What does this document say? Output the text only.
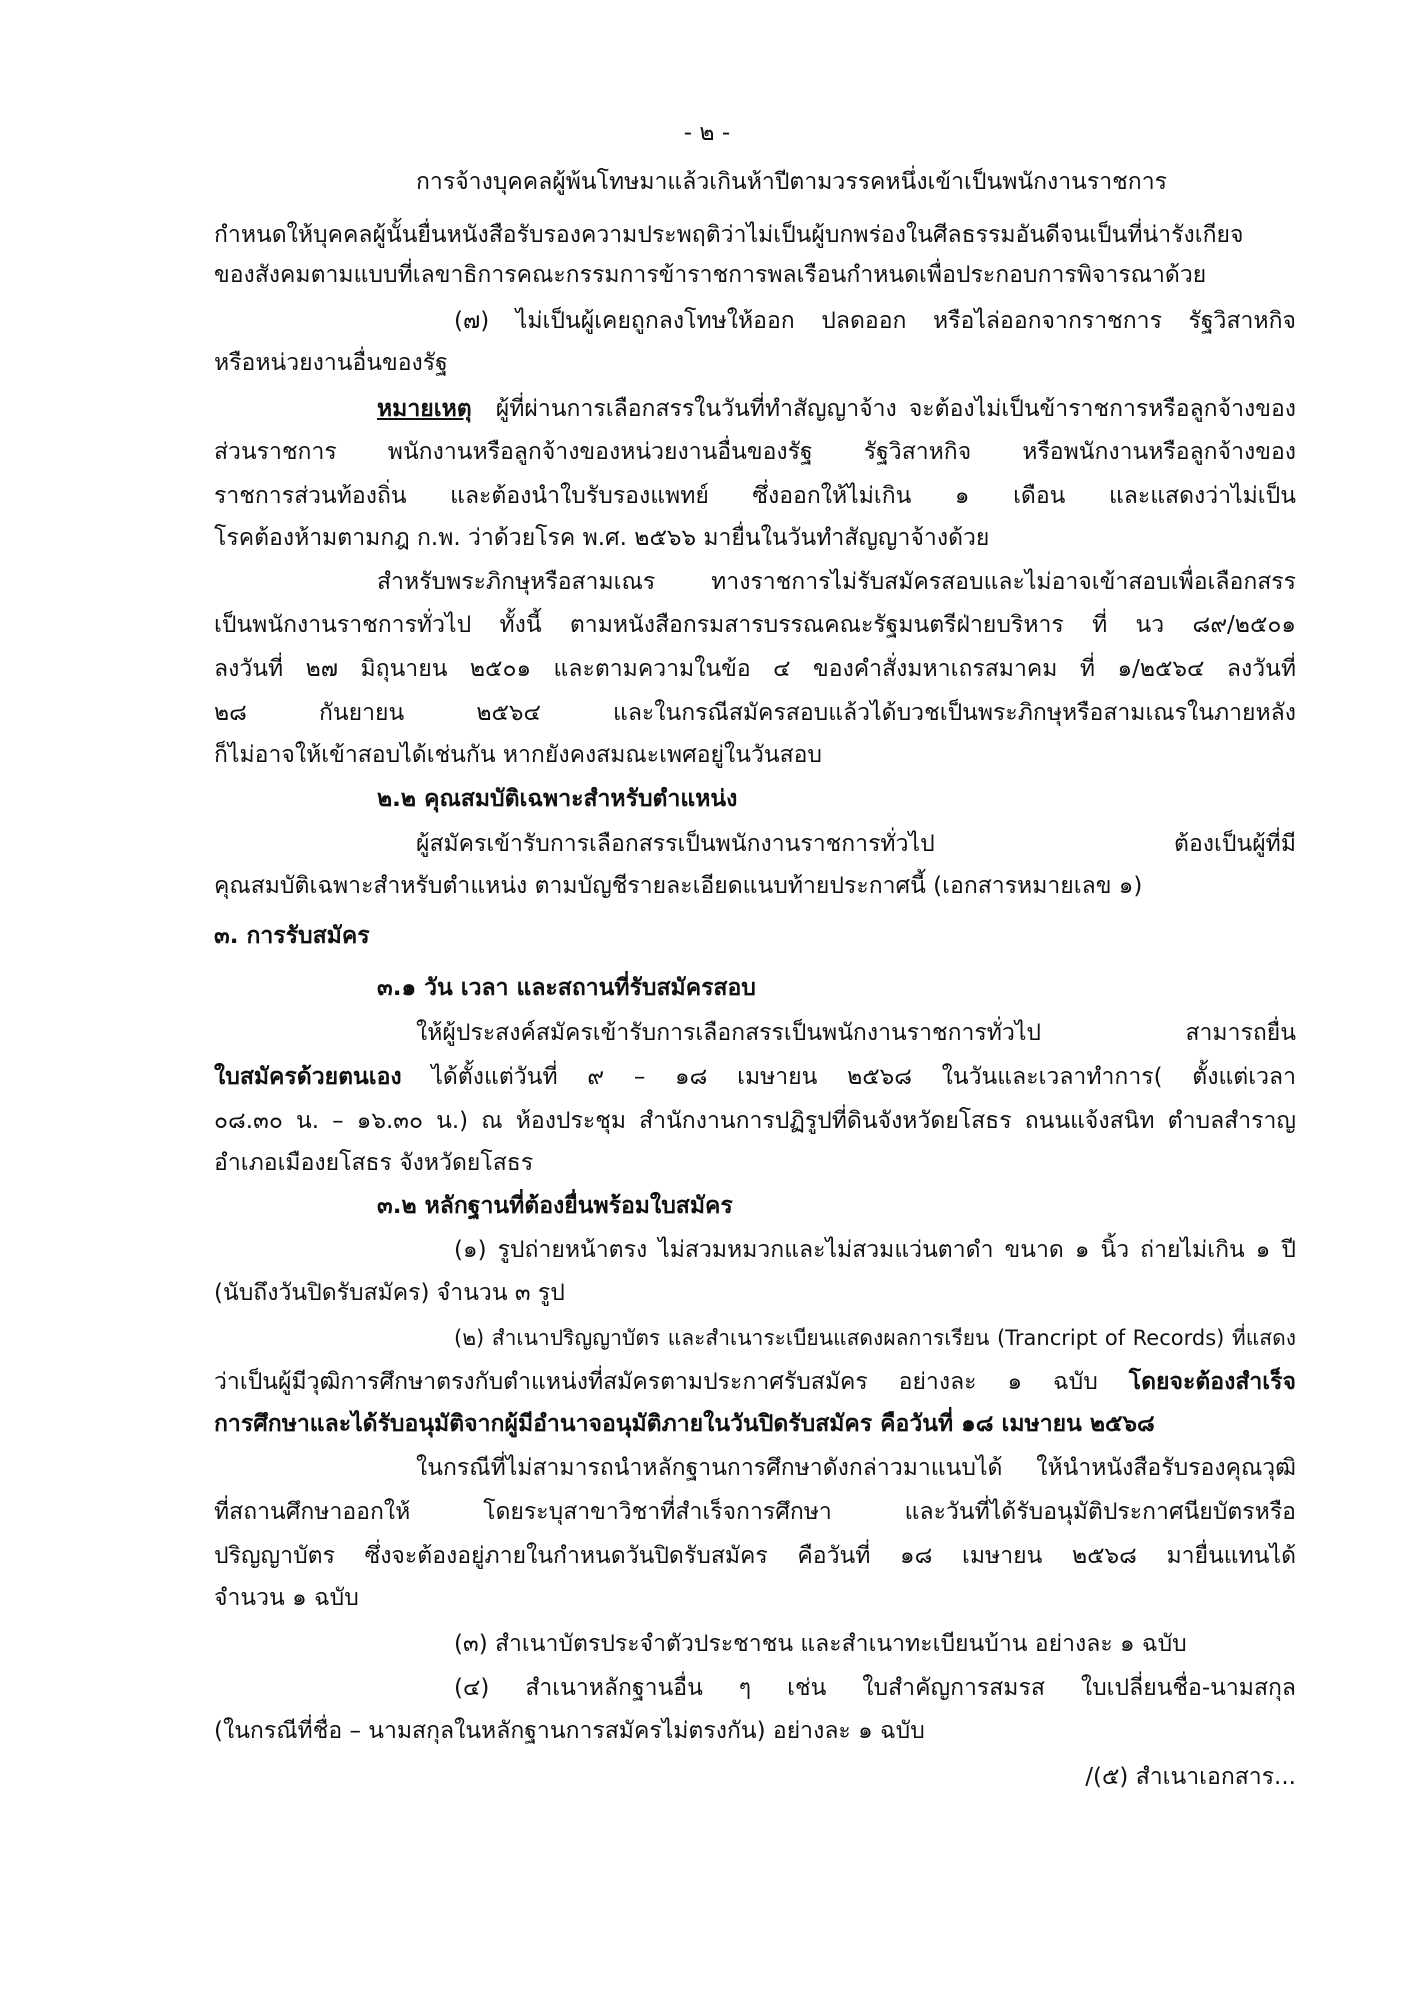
- ๒ -
การจ้างบุคคลผู้พ้นโทษมาแล้วเกินห้าปีตามวรรคหนึ่งเข้าเป็นพนักงานราชการ
กำหนดให้บุคคลผู้นั้นยื่นหนังสือรับรองความประพฤติว่าไม่เป็นผู้บกพร่องในศีลธรรมอันดีจนเป็นที่น่ารังเกียจ
ของสังคมตามแบบที่เลขาธิการคณะกรรมการข้าราชการพลเรือนกำหนดเพื่อประกอบการพิจารณาด้วย
(๗) ไม่เป็นผู้เคยถูกลงโทษให้ออก ปลดออก หรือไล่ออกจากราชการ รัฐวิสาหกิจ
หรือหน่วยงานอื่นของรัฐ
หมายเหตุ ผู้ที่ผ่านการเลือกสรรในวันที่ทำสัญญาจ้าง จะต้องไม่เป็นข้าราชการหรือลูกจ้างของ
ส่วนราชการ พนักงานหรือลูกจ้างของหน่วยงานอื่นของรัฐ รัฐวิสาหกิจ หรือพนักงานหรือลูกจ้างของ
ราชการส่วนท้องถิ่น และต้องนำใบรับรองแพทย์ ซึ่งออกให้ไม่เกิน ๑ เดือน และแสดงว่าไม่เป็น
โรคต้องห้ามตามกฎ ก.พ. ว่าด้วยโรค พ.ศ. ๒๕๖๖ มายื่นในวันทำสัญญาจ้างด้วย
สำหรับพระภิกษุหรือสามเณร ทางราชการไม่รับสมัครสอบและไม่อาจเข้าสอบเพื่อเลือกสรร
เป็นพนักงานราชการทั่วไป ทั้งนี้ ตามหนังสือกรมสารบรรณคณะรัฐมนตรีฝ่ายบริหาร ที่ นว ๘๙/๒๕๐๑
ลงวันที่ ๒๗ มิถุนายน ๒๕๐๑ และตามความในข้อ ๔ ของคำสั่งมหาเถรสมาคม ที่ ๑/๒๕๖๔ ลงวันที่
๒๘ กันยายน ๒๕๖๔ และในกรณีสมัครสอบแล้วได้บวชเป็นพระภิกษุหรือสามเณรในภายหลัง
ก็ไม่อาจให้เข้าสอบได้เช่นกัน หากยังคงสมณะเพศอยู่ในวันสอบ
๒.๒ คุณสมบัติเฉพาะสำหรับตำแหน่ง
ผู้สมัครเข้ารับการเลือกสรรเป็นพนักงานราชการทั่วไป ต้องเป็นผู้ที่มี
คุณสมบัติเฉพาะสำหรับตำแหน่ง ตามบัญชีรายละเอียดแนบท้ายประกาศนี้ (เอกสารหมายเลข ๑)
๓. การรับสมัคร
๓.๑ วัน เวลา และสถานที่รับสมัครสอบ
ให้ผู้ประสงค์สมัครเข้ารับการเลือกสรรเป็นพนักงานราชการทั่วไป สามารถยื่น
ใบสมัครด้วยตนเอง ได้ตั้งแต่วันที่ ๙ – ๑๘ เมษายน ๒๕๖๘ ในวันและเวลาทำการ( ตั้งแต่เวลา
๐๘.๓๐ น. – ๑๖.๓๐ น.) ณ ห้องประชุม สำนักงานการปฏิรูปที่ดินจังหวัดยโสธร ถนนแจ้งสนิท ตำบลสำราญ
อำเภอเมืองยโสธร จังหวัดยโสธร
๓.๒ หลักฐานที่ต้องยื่นพร้อมใบสมัคร
(๑) รูปถ่ายหน้าตรง ไม่สวมหมวกและไม่สวมแว่นตาดำ ขนาด ๑ นิ้ว ถ่ายไม่เกิน ๑ ปี
(นับถึงวันปิดรับสมัคร) จำนวน ๓ รูป
(๒) สำเนาปริญญาบัตร และสำเนาระเบียนแสดงผลการเรียน (Trancript of Records) ที่แสดง
ว่าเป็นผู้มีวุฒิการศึกษาตรงกับตำแหน่งที่สมัครตามประกาศรับสมัคร อย่างละ ๑ ฉบับ โดยจะต้องสำเร็จ
การศึกษาและได้รับอนุมัติจากผู้มีอำนาจอนุมัติภายในวันปิดรับสมัคร คือวันที่ ๑๘ เมษายน ๒๕๖๘
ในกรณีที่ไม่สามารถนำหลักฐานการศึกษาดังกล่าวมาแนบได้ ให้นำหนังสือรับรองคุณวุฒิ
ที่สถานศึกษาออกให้ โดยระบุสาขาวิชาที่สำเร็จการศึกษา และวันที่ได้รับอนุมัติประกาศนียบัตรหรือ
ปริญญาบัตร ซึ่งจะต้องอยู่ภายในกำหนดวันปิดรับสมัคร คือวันที่ ๑๘ เมษายน ๒๕๖๘ มายื่นแทนได้
จำนวน ๑ ฉบับ
(๓) สำเนาบัตรประจำตัวประชาชน และสำเนาทะเบียนบ้าน อย่างละ ๑ ฉบับ
(๔) สำเนาหลักฐานอื่น ๆ เช่น ใบสำคัญการสมรส ใบเปลี่ยนชื่อ-นามสกุล
(ในกรณีที่ชื่อ – นามสกุลในหลักฐานการสมัครไม่ตรงกัน) อย่างละ ๑ ฉบับ
/(๕) สำเนาเอกสาร...
